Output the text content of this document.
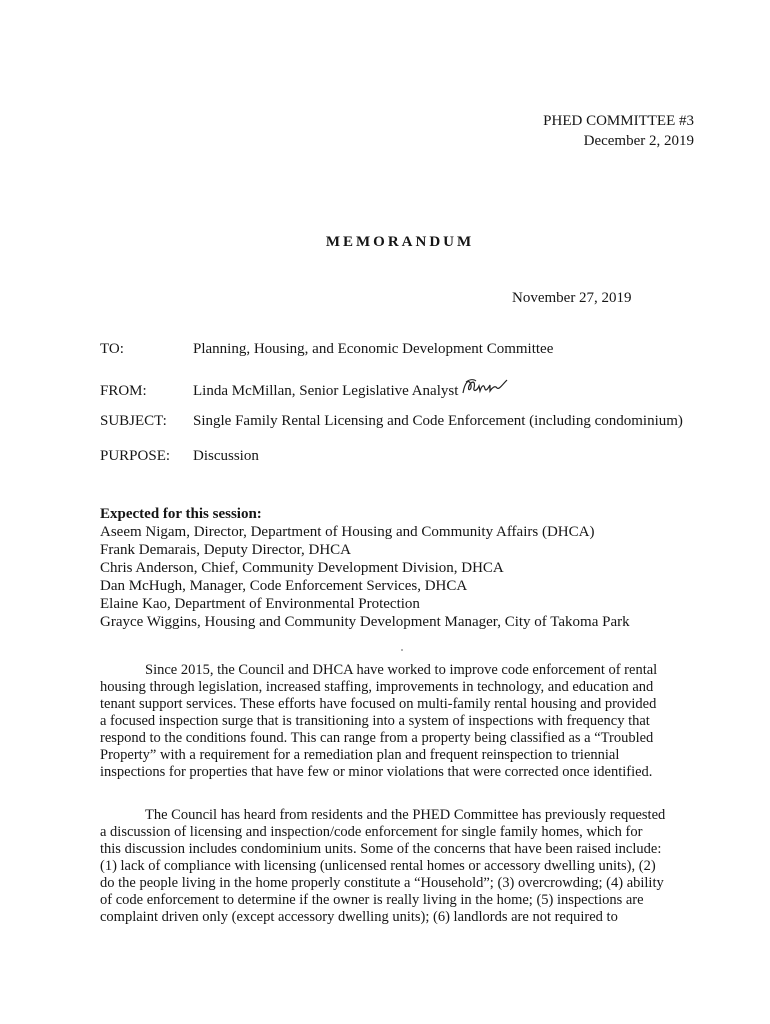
PHED COMMITTEE #3
December 2, 2019
MEMORANDUM
November 27, 2019
TO:	Planning, Housing, and Economic Development Committee
FROM:	Linda McMillan, Senior Legislative Analyst
SUBJECT: Single Family Rental Licensing and Code Enforcement (including condominium)
PURPOSE: Discussion
Expected for this session:
Aseem Nigam, Director, Department of Housing and Community Affairs (DHCA)
Frank Demarais, Deputy Director, DHCA
Chris Anderson, Chief, Community Development Division, DHCA
Dan McHugh, Manager, Code Enforcement Services, DHCA
Elaine Kao, Department of Environmental Protection
Grayce Wiggins, Housing and Community Development Manager, City of Takoma Park
Since 2015, the Council and DHCA have worked to improve code enforcement of rental
housing through legislation, increased staffing, improvements in technology, and education and
tenant support services. These efforts have focused on multi-family rental housing and provided
a focused inspection surge that is transitioning into a system of inspections with frequency that
respond to the conditions found. This can range from a property being classified as a “Troubled
Property” with a requirement for a remediation plan and frequent reinspection to triennial
inspections for properties that have few or minor violations that were corrected once identified.
The Council has heard from residents and the PHED Committee has previously requested
a discussion of licensing and inspection/code enforcement for single family homes, which for
this discussion includes condominium units. Some of the concerns that have been raised include:
(1) lack of compliance with licensing (unlicensed rental homes or accessory dwelling units), (2)
do the people living in the home properly constitute a “Household”; (3) overcrowding; (4) ability
of code enforcement to determine if the owner is really living in the home; (5) inspections are
complaint driven only (except accessory dwelling units); (6) landlords are not required to
